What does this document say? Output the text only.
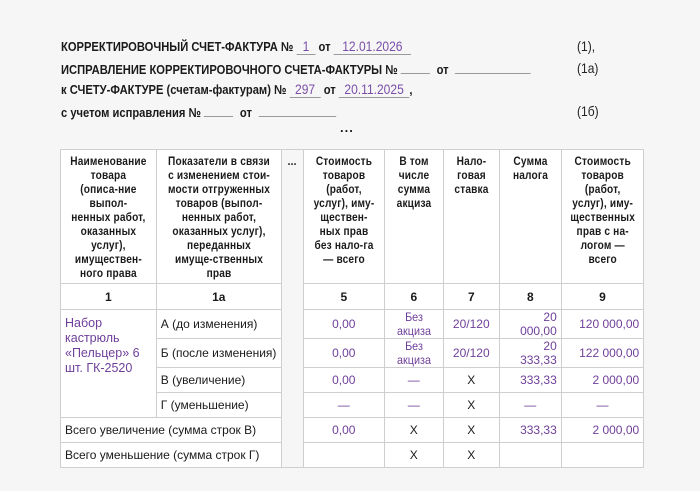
КОРРЕКТИРОВОЧНЫЙ СЧЕТ-ФАКТУРА № 1 от 12.01.2026	(1),
ИСПРАВЛЕНИЕ КОРРЕКТИРОВОЧНОГО СЧЕТА-ФАКТУРЫ №	от	(1а)
к СЧЕТУ-ФАКТУРЕ (счетам-фактурам) № 297 от 20.11.2025 ,
с учетом исправления №	от	(1б)
...
Наименование товара (описа-ние выпол-ненных работ, оказанных услуг), имуществен-ного права	Показатели в связи с изменением стои-мости отгруженных товаров (выпол-ненных работ, оказанных услуг), переданных имуще-ственных прав	...	Стоимость товаров (работ, услуг), иму-ществен-ных прав без нало-га — всего	В том числе сумма акциза	Нало-говая ставка	Сумма налога	Стоимость товаров (работ, услуг), иму-щественных прав с на-логом — всего
1	1а		5	6	7	8	9
Набор кастрюль «Пельцер» 6 шт. ГК-2520	А (до изменения)		0,00	Без акциза	20/120	20 000,00	120 000,00
	Б (после изменения)		0,00	Без акциза	20/120	20 333,33	122 000,00
	В (увеличение)		0,00	—	Х	333,33	2 000,00
	Г (уменьшение)		—	—	Х	—	—
Всего увеличение (сумма строк В)			0,00	Х	Х	333,33	2 000,00
Всего уменьшение (сумма строк Г)				Х	Х		
